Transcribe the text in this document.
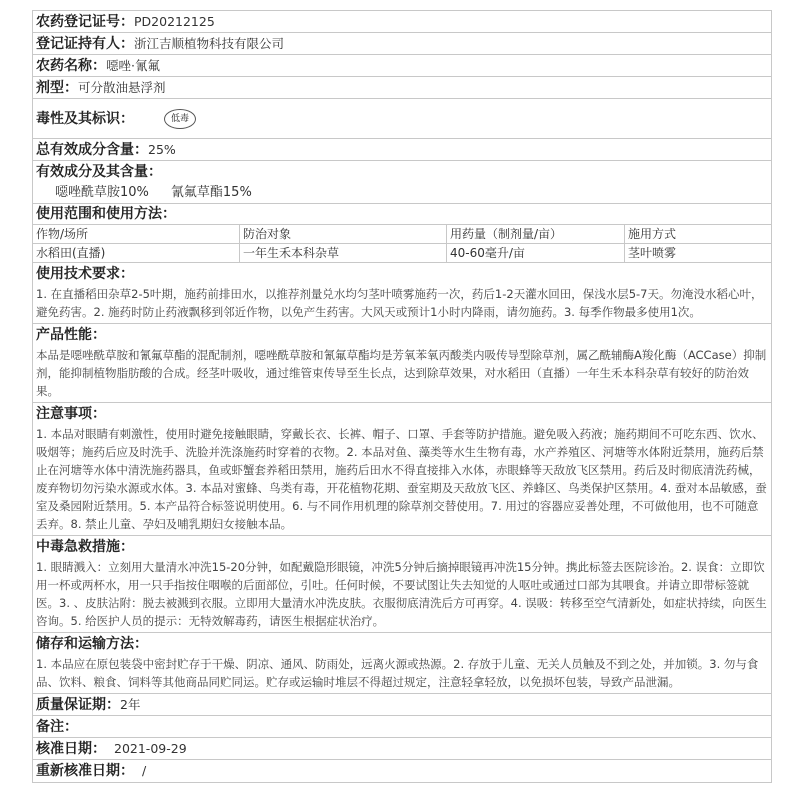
农药登记证号： PD20212125
登记证持有人： 浙江吉顺植物科技有限公司
农药名称： 噁唑·氰氟
剂型： 可分散油悬浮剂
毒性及其标识：	低毒
总有效成分含量： 25%
有效成分及其含量：
噁唑酰草胺10% 氰氟草酯15%
使用范围和使用方法：
作物/场所	防治对象	用药量（制剂量/亩）	施用方式
水稻田(直播)	一年生禾本科杂草	40-60毫升/亩	茎叶喷雾
使用技术要求：
1. 在直播稻田杂草2-5叶期，施药前排田水，以推荐剂量兑水均匀茎叶喷雾施药一次，药后1-2天灌水回田，保浅水层5-7天。勿淹没水稻心叶，避免药害。2. 施药时防止药液飘移到邻近作物，以免产生药害。大风天或预计1小时内降雨，请勿施药。3. 每季作物最多使用1次。
产品性能：
本品是噁唑酰草胺和氰氟草酯的混配制剂，噁唑酰草胺和氰氟草酯均是芳氧苯氧丙酸类内吸传导型除草剂，属乙酰辅酶A羧化酶（ACCase）抑制剂，能抑制植物脂肪酸的合成。经茎叶吸收，通过维管束传导至生长点，达到除草效果，对水稻田（直播）一年生禾本科杂草有较好的防治效果。
注意事项：
1. 本品对眼睛有刺激性，使用时避免接触眼睛，穿戴长衣、长裤、帽子、口罩、手套等防护措施。避免吸入药液；施药期间不可吃东西、饮水、吸烟等；施药后应及时洗手、洗脸并洗涤施药时穿着的衣物。2. 本品对鱼、藻类等水生生物有毒，水产养殖区、河塘等水体附近禁用，施药后禁止在河塘等水体中清洗施药器具，鱼或虾蟹套养稻田禁用，施药后田水不得直接排入水体，赤眼蜂等天敌放飞区禁用。药后及时彻底清洗药械，废弃物切勿污染水源或水体。3. 本品对蜜蜂、鸟类有毒，开花植物花期、蚕室期及天敌放飞区、养蜂区、鸟类保护区禁用。4. 蚕对本品敏感，蚕室及桑园附近禁用。5. 本产品符合标签说明使用。6. 与不同作用机理的除草剂交替使用。7. 用过的容器应妥善处理，不可做他用，也不可随意丢弃。8. 禁止儿童、孕妇及哺乳期妇女接触本品。
中毒急救措施：
1. 眼睛溅入：立刻用大量清水冲洗15-20分钟，如配戴隐形眼镜，冲洗5分钟后摘掉眼镜再冲洗15分钟。携此标签去医院诊治。2. 误食：立即饮用一杯或两杯水，用一只手指按住咽喉的后面部位，引吐。任何时候，不要试图让失去知觉的人呕吐或通过口部为其喂食。并请立即带标签就医。3. 、皮肤沾附：脱去被溅到衣服。立即用大量清水冲洗皮肤。衣服彻底清洗后方可再穿。4. 误吸：转移至空气清新处，如症状持续，向医生咨询。5. 给医护人员的提示：无特效解毒药，请医生根据症状治疗。
储存和运输方法：
1. 本品应在原包装袋中密封贮存于干燥、阴凉、通风、防雨处，远离火源或热源。2. 存放于儿童、无关人员触及不到之处，并加锁。3. 勿与食品、饮料、粮食、饲料等其他商品同贮同运。贮存或运输时堆层不得超过规定，注意轻拿轻放，以免损坏包装，导致产品泄漏。
质量保证期： 2年
备注：
核准日期： 2021-09-29
重新核准日期： /
